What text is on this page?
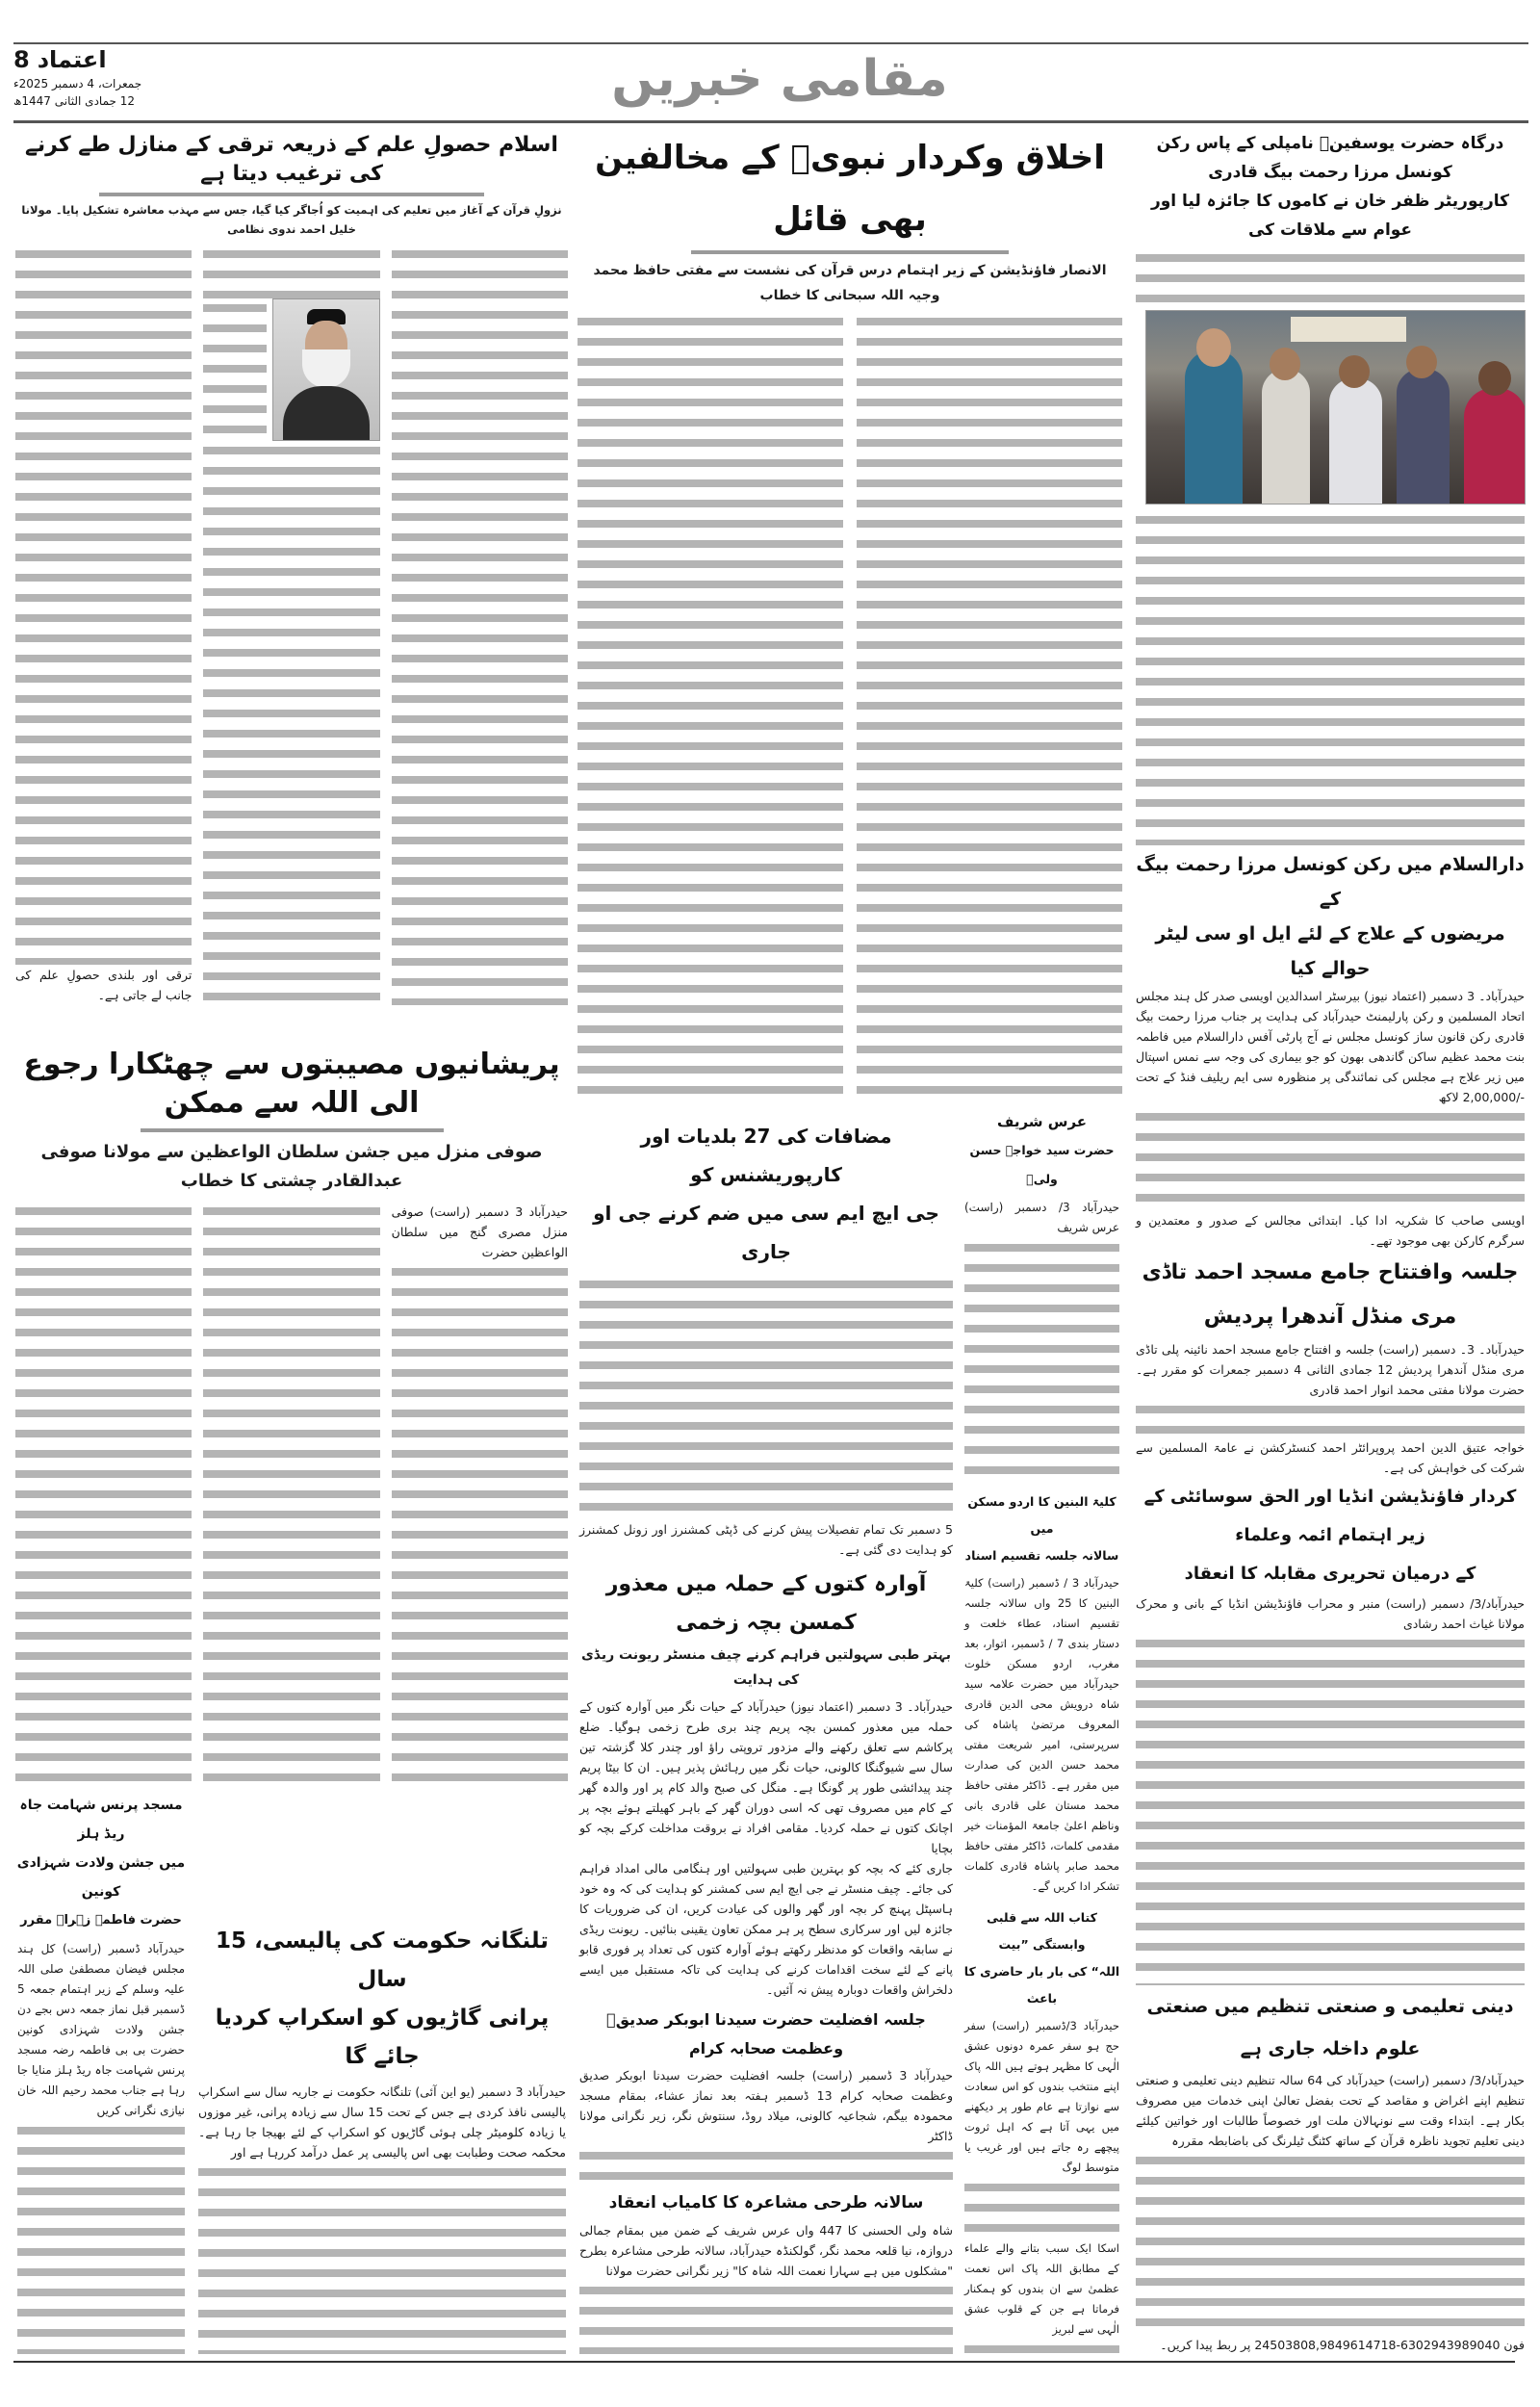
8 اعتماد
جمعرات، 4 دسمبر 2025ء
12 جمادی الثانی 1447ھ	مقامی خبریں
درگاہ حضرت یوسفینؒ نامپلی کے پاس رکن کونسل مرزا رحمت بیگ قادری
کارپوریٹر ظفر خان نے کاموں کا جائزہ لیا اور عوام سے ملاقات کی
دارالسلام میں رکن کونسل مرزا رحمت بیگ کے
مریضوں کے علاج کے لئے ایل او سی لیٹر حوالے کیا

حیدرآباد۔ 3 دسمبر (اعتماد نیوز) بیرسٹر اسدالدین اویسی صدر کل ہند مجلس اتحاد المسلمین و رکن پارلیمنٹ حیدرآباد کی ہدایت پر جناب مرزا رحمت بیگ قادری رکن قانون ساز کونسل مجلس نے آج پارٹی آفس دارالسلام میں فاطمہ بنت محمد عظیم ساکن گاندھی بھون کو جو بیماری کی وجہ سے نمس اسپتال میں زیر علاج ہے مجلس کی نمائندگی پر منظورہ سی ایم ریلیف فنڈ کے تحت -/2,00,000 لاکھ

اویسی صاحب کا شکریہ ادا کیا۔ ابتدائی مجالس کے صدور و معتمدین و سرگرم کارکن بھی موجود تھے۔

جلسہ وافتتاح جامع مسجد احمد تاڈی مری منڈل آندھرا پردیش

حیدرآباد۔ 3۔ دسمبر (راست) جلسہ و افتتاح جامع مسجد احمد نائینہ پلی تاڈی مری منڈل آندھرا پردیش 12 جمادی الثانی 4 دسمبر جمعرات کو مقرر ہے۔ حضرت مولانا مفتی محمد انوار احمد قادری

خواجہ عتیق الدین احمد پروپرائٹر احمد کنسٹرکشن نے عامۃ المسلمین سے شرکت کی خواہش کی ہے۔

کردار فاؤنڈیشن انڈیا اور الحق سوسائٹی کے زیر اہتمام ائمہ وعلماء
کے درمیان تحریری مقابلہ کا انعقاد

حیدرآباد/3/ دسمبر (راست) منبر و محراب فاؤنڈیشن انڈیا کے بانی و محرک مولانا غیاث احمد رشادی

دینی تعلیمی و صنعتی تنظیم میں صنعتی علوم داخلہ جاری ہے

حیدرآباد/3/ دسمبر (راست) حیدرآباد کی 64 سالہ تنظیم دینی تعلیمی و صنعتی تنظیم اپنے اغراض و مقاصد کے تحت بفضل تعالیٰ اپنی خدمات میں مصروف بکار ہے۔ ابتداء وقت سے نونہالان ملت اور خصوصاً طالبات اور خواتین کیلئے دینی تعلیم تجوید ناظرہ قرآن کے ساتھ کٹنگ ٹیلرنگ کی باضابطہ مقررہ

فون 6302943989040-24503808,9849614718 پر ربط پیدا کریں۔

اخلاق وکردار نبویؐ کے مخالفین بھی قائل
الانصار فاؤنڈیشن کے زیر اہتمام درس قرآن کی نشست سے مفتی حافظ محمد وجیہ اللہ سبحانی کا خطاب
اسلام حصولِ علم کے ذریعہ ترقی کے منازل طے کرنے کی ترغیب دیتا ہے
نزولِ قرآن کے آغاز میں تعلیم کی اہمیت کو اُجاگر کیا گیا، جس سے مہذب معاشرہ تشکیل پایا۔ مولانا خلیل احمد ندوی نظامی

ترقی اور بلندی حصولِ علم کی جانب لے جاتی ہے۔

پریشانیوں مصیبتوں سے چھٹکارا رجوع الی اللہ سے ممکن
صوفی منزل میں جشن سلطان الواعظین سے مولانا صوفی عبدالقادر چشتی کا خطاب

حیدرآباد 3 دسمبر (راست) صوفی منزل مصری گنج میں سلطان الواعظین حضرت

مسجد پرنس شہامت جاہ ریڈ ہلز
میں جشن ولادت شہزادی کونین
حضرت فاطمہ زہراؓ مقرر

حیدرآباد ڈسمبر (راست) کل ہند مجلس فیضان مصطفیٰ صلی اللہ علیہ وسلم کے زیر اہتمام جمعہ 5 ڈسمبر قبل نماز جمعہ دس بجے دن جشن ولادت شہزادی کونین حضرت بی بی فاطمہ رضہ مسجد پرنس شہامت جاہ ریڈ ہلز منایا جا رہا ہے جناب محمد رحیم اللہ خان نیازی نگرانی کریں

تلنگانہ حکومت کی پالیسی، 15 سال
پرانی گاڑیوں کو اسکراپ کردیا جائے گا

حیدرآباد 3 دسمبر (یو این آئی) تلنگانہ حکومت نے جاریہ سال سے اسکراپ پالیسی نافذ کردی ہے جس کے تحت 15 سال سے زیادہ پرانی، غیر موزوں یا زیادہ کلومیٹر چلی ہوئی گاڑیوں کو اسکراپ کے لئے بھیجا جا رہا ہے۔ محکمہ صحت وطبابت بھی اس پالیسی پر عمل درآمد کررہا ہے اور

مضافات کی 27 بلدیات اور کارپوریشنس کو
جی ایچ ایم سی میں ضم کرنے جی او جاری

5 دسمبر تک تمام تفصیلات پیش کرنے کی ڈپٹی کمشنرز اور زونل کمشنرز کو ہدایت دی گئی ہے۔

آوارہ کتوں کے حملہ میں معذور کمسن بچہ زخمی
بہتر طبی سہولتیں فراہم کرنے چیف منسٹر ریونت ریڈی کی ہدایت

حیدرآباد۔ 3 دسمبر (اعتماد نیوز) حیدرآباد کے حیات نگر میں آوارہ کتوں کے حملہ میں معذور کمسن بچہ پریم چند بری طرح زخمی ہوگیا۔ ضلع پرکاشم سے تعلق رکھنے والے مزدور تروپتی راؤ اور چندر کلا گزشتہ تین سال سے شیوگنگا کالونی، حیات نگر میں رہائش پذیر ہیں۔ ان کا بیٹا پریم چند پیدائشی طور پر گونگا ہے۔ منگل کی صبح والد کام پر اور والدہ گھر کے کام میں مصروف تھی کہ اسی دوران گھر کے باہر کھیلتے ہوئے بچہ پر اچانک کتوں نے حملہ کردیا۔ مقامی افراد نے بروقت مداخلت کرکے بچہ کو بچایا

جاری کئے کہ بچہ کو بہترین طبی سہولتیں اور ہنگامی مالی امداد فراہم کی جائے۔ چیف منسٹر نے جی ایچ ایم سی کمشنر کو ہدایت کی کہ وہ خود ہاسپٹل پہنچ کر بچہ اور گھر والوں کی عیادت کریں، ان کی ضروریات کا جائزہ لیں اور سرکاری سطح پر ہر ممکن تعاون یقینی بنائیں۔ ریونت ریڈی نے سابقہ واقعات کو مدنظر رکھتے ہوئے آوارہ کتوں کی تعداد پر فوری قابو پانے کے لئے سخت اقدامات کرنے کی ہدایت کی تاکہ مستقبل میں ایسے دلخراش واقعات دوبارہ پیش نہ آئیں۔

جلسہ افضلیت حضرت سیدنا ابوبکر صدیقؓ وعظمت صحابہ کرام

حیدرآباد 3 ڈسمبر (راست) جلسہ افضلیت حضرت سیدنا ابوبکر صدیق وعظمت صحابہ کرام 13 ڈسمبر ہفتہ بعد نماز عشاء، بمقام مسجد محمودہ بیگم، شجاعیہ کالونی، میلاد روڈ، سنتوش نگر، زیر نگرانی مولانا ڈاکٹر

سالانہ طرحی مشاعرہ کا کامیاب انعقاد

شاہ ولی الحسنی کا 447 واں عرس شریف کے ضمن میں بمقام جمالی دروازہ، نیا قلعہ محمد نگر، گولکنڈہ حیدرآباد، سالانہ طرحی مشاعرہ بطرح "مشکلوں میں ہے سہارا نعمت اللہ شاہ کا" زیر نگرانی حضرت مولانا

عرس شریف
حضرت سید خواجہ حسن ولیؒ

حیدرآباد 3/ دسمبر (راست) عرس شریف

کلیۃ البنین کا اردو مسکن میں
سالانہ جلسہ تقسیم اسناد

حیدرآباد 3 / ڈسمبر (راست) کلیۃ البنین کا 25 واں سالانہ جلسہ تقسیم اسناد، عطاء خلعت و دستار بندی 7 / ڈسمبر، اتوار، بعد مغرب، اردو مسکن خلوت حیدرآباد میں حضرت علامہ سید شاہ درویش محی الدین قادری المعروف مرتضیٰ پاشاہ کی سرپرستی، امیر شریعت مفتی محمد حسن الدین کی صدارت میں مقرر ہے۔ ڈاکٹر مفتی حافظ محمد مستان علی قادری بانی وناظم اعلیٰ جامعۃ المؤمنات خیر مقدمی کلمات، ڈاکٹر مفتی حافظ محمد صابر پاشاہ قادری کلمات تشکر ادا کریں گے۔

کتاب اللہ سے قلبی وابستگی ”بیت
اللہ“ کی بار بار حاضری کا باعث

حیدرآباد 3/ڈسمبر (راست) سفر حج ہو سفر عمرہ دونوں عشق الٰہی کا مظہر ہوتے ہیں اللہ پاک اپنے منتخب بندوں کو اس سعادت سے نوازتا ہے عام طور پر دیکھنے میں یہی آتا ہے کہ اہل ثروت پیچھے رہ جاتے ہیں اور غریب یا متوسط لوگ

اسکا ایک سبب بتانے والے علماء کے مطابق اللہ پاک اس نعمت عظمیٰ سے ان بندوں کو ہمکنار فرماتا ہے جن کے قلوب عشق الٰہی سے لبریز
